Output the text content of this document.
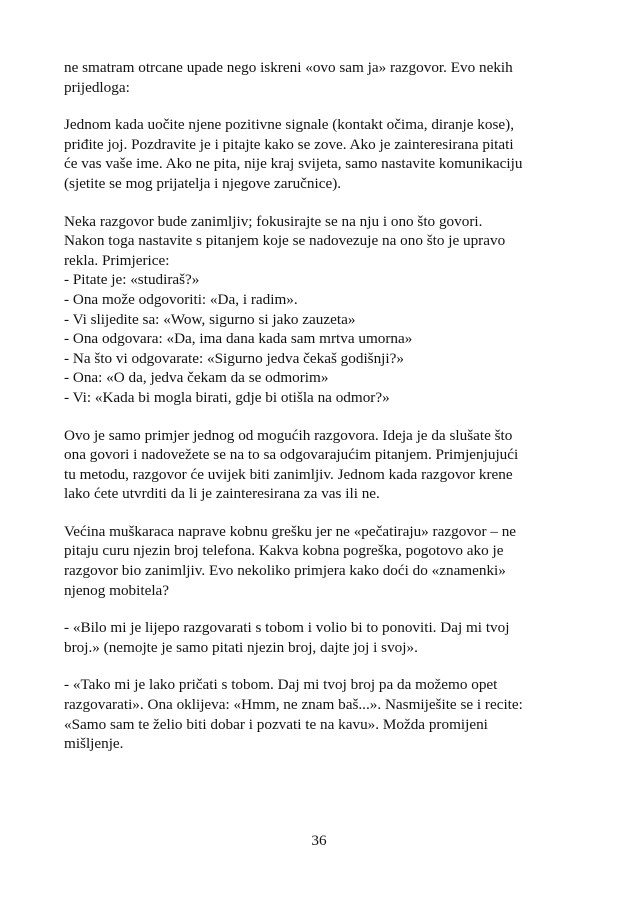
ne smatram otrcane upade nego iskreni «ovo sam ja» razgovor. Evo nekih
prijedloga:

Jednom kada uočite njene pozitivne signale (kontakt očima, diranje kose),
priđite joj. Pozdravite je i pitajte kako se zove. Ako je zainteresirana pitati
će vas vaše ime. Ako ne pita, nije kraj svijeta, samo nastavite komunikaciju
(sjetite se mog prijatelja i njegove zaručnice).

Neka razgovor bude zanimljiv; fokusirajte se na nju i ono što govori.
Nakon toga nastavite s pitanjem koje se nadovezuje na ono što je upravo
rekla. Primjerice:
- Pitate je: «studiraš?»
- Ona može odgovoriti: «Da, i radim».
- Vi slijedite sa: «Wow, sigurno si jako zauzeta»
- Ona odgovara: «Da, ima dana kada sam mrtva umorna»
- Na što vi odgovarate: «Sigurno jedva čekaš godišnji?»
- Ona: «O da, jedva čekam da se odmorim»
- Vi: «Kada bi mogla birati, gdje bi otišla na odmor?»

Ovo je samo primjer jednog od mogućih razgovora. Ideja je da slušate što
ona govori i nadovežete se na to sa odgovarajućim pitanjem. Primjenjujući
tu metodu, razgovor će uvijek biti zanimljiv. Jednom kada razgovor krene
lako ćete utvrditi da li je zainteresirana za vas ili ne.

Većina muškaraca naprave kobnu grešku jer ne «pečatiraju» razgovor – ne
pitaju curu njezin broj telefona. Kakva kobna pogreška, pogotovo ako je
razgovor bio zanimljiv. Evo nekoliko primjera kako doći do «znamenki»
njenog mobitela?

- «Bilo mi je lijepo razgovarati s tobom i volio bi to ponoviti. Daj mi tvoj
broj.» (nemojte je samo pitati njezin broj, dajte joj i svoj».

- «Tako mi je lako pričati s tobom. Daj mi tvoj broj pa da možemo opet
razgovarati». Ona oklijeva: «Hmm, ne znam baš...». Nasmiješite se i recite:
«Samo sam te želio biti dobar i pozvati te na kavu». Možda promijeni
mišljenje.

36
